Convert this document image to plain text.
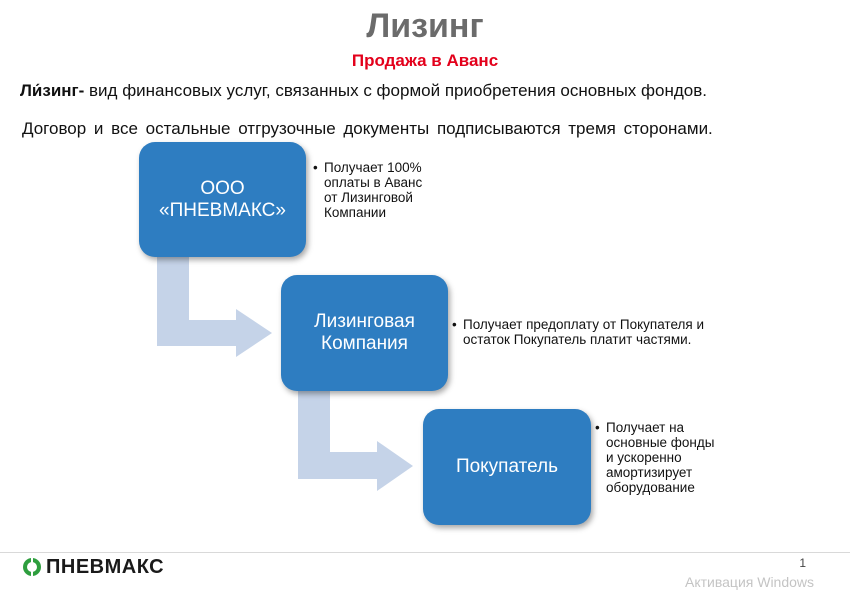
Лизинг
Продажа в Аванс
Ли́зинг- вид финансовых услуг, связанных с формой приобретения основных фондов.
Договор и все остальные отгрузочные документы подписываются тремя сторонами.
ООО
«ПНЕВМАКС»
Лизинговая
Компания
Покупатель
• Получает 100% оплаты в Аванс от Лизинговой Компании
• Получает предоплату от Покупателя и остаток Покупатель платит частями.
• Получает на основные фонды и ускоренно амортизирует оборудование
ПНЕВМАКС	1
Активация Windows
